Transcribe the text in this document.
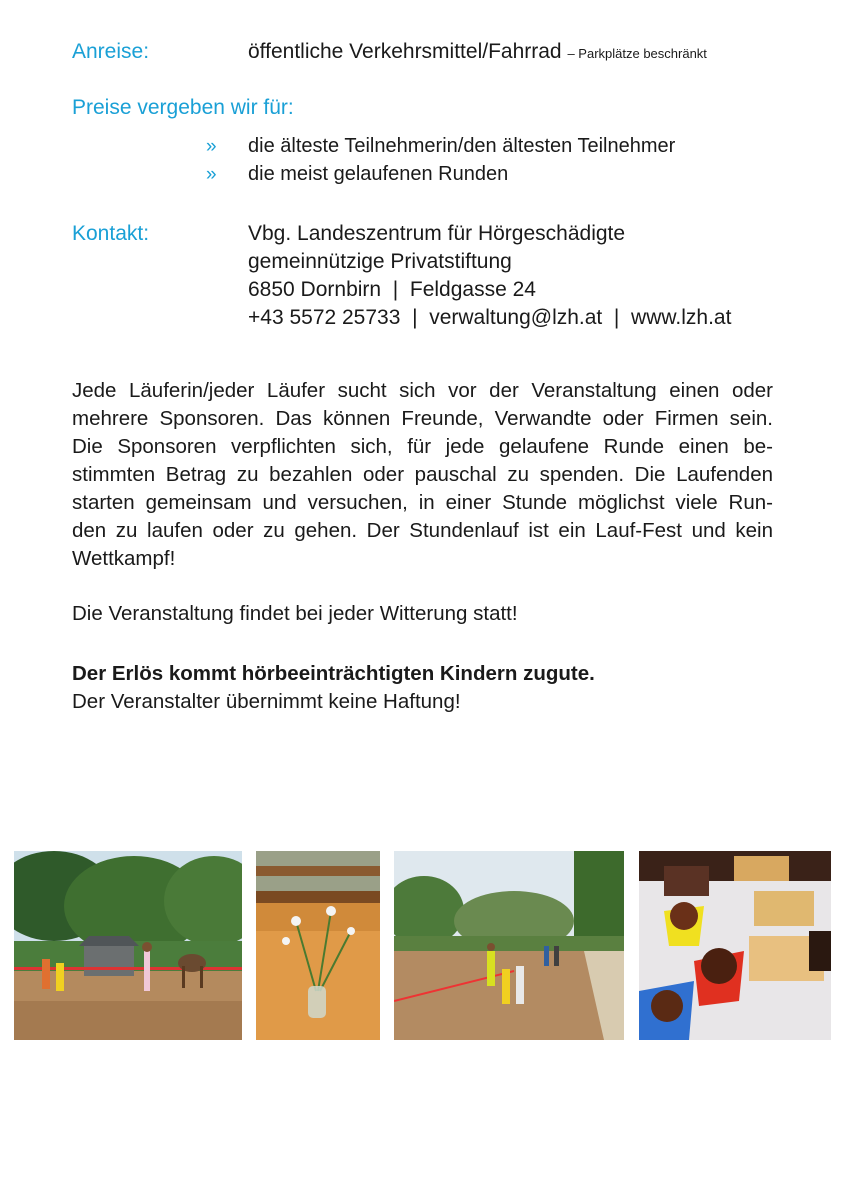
Anreise:	öffentliche Verkehrsmittel/Fahrrad – Parkplätze beschränkt
Preise vergeben wir für:
» die älteste Teilnehmerin/den ältesten Teilnehmer
» die meist gelaufenen Runden
Kontakt:	Vbg. Landeszentrum für Hörgeschädigte
gemeinnützige Privatstiftung
6850 Dornbirn  |  Feldgasse 24
+43 5572 25733  |  verwaltung@lzh.at  |  www.lzh.at
Jede Läuferin/jeder Läufer sucht sich vor der Veranstaltung einen oder
mehrere Sponsoren. Das können Freunde, Verwandte oder Firmen sein.
Die Sponsoren verpflichten sich, für jede gelaufene Runde einen be-
stimmten Betrag zu bezahlen oder pauschal zu spenden. Die Laufenden
starten gemeinsam und versuchen, in einer Stunde möglichst viele Run-
den zu laufen oder zu gehen. Der Stundenlauf ist ein Lauf-Fest und kein
Wettkampf!
Die Veranstaltung findet bei jeder Witterung statt!
Der Erlös kommt hörbeeinträchtigten Kindern zugute.
Der Veranstalter übernimmt keine Haftung!
